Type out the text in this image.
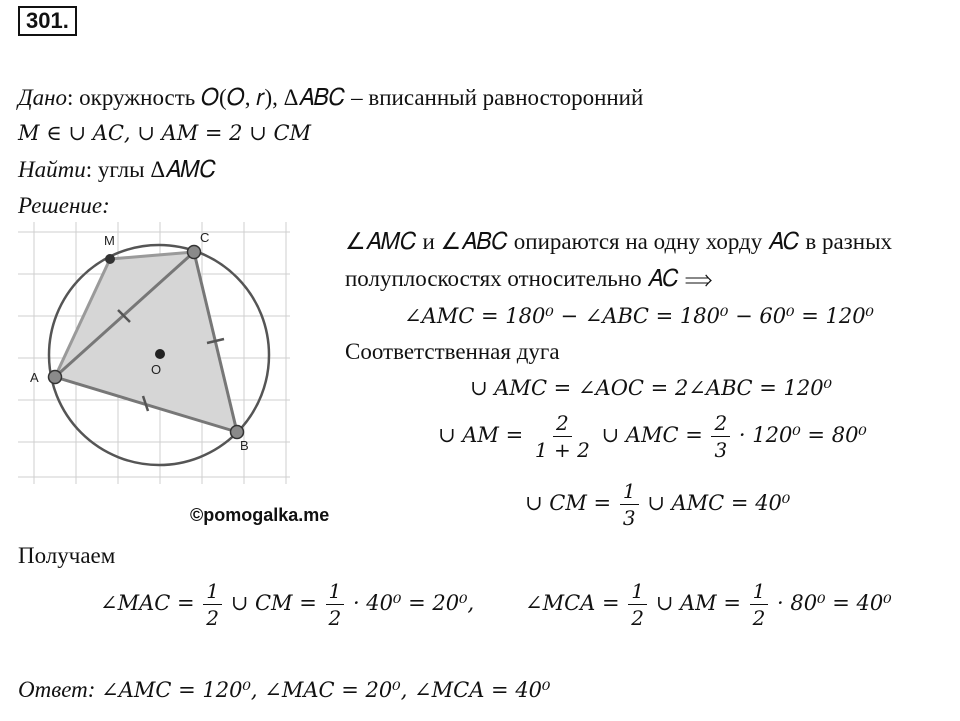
301.
Дано: окружность 𝑂(𝑂, 𝑟), Δ𝐴𝐵𝐶 – вписанный равносторонний
𝑀 ∈ ∪ 𝐴𝐶, ∪ 𝐴𝑀 = 2 ∪ 𝐶𝑀
Найти: углы Δ𝐴𝑀𝐶
Решение:
A
C
B
M
O
©pomogalka.me
∠𝐴𝑀𝐶 и ∠𝐴𝐵𝐶 опираются на одну хорду 𝐴𝐶 в разных
полуплоскостях относительно 𝐴𝐶 ⟹
∠𝐴𝑀𝐶 = 180⁰ − ∠𝐴𝐵𝐶 = 180⁰ − 60⁰ = 120⁰
Соответственная дуга
∪ 𝐴𝑀𝐶 = ∠𝐴𝑂𝐶 = 2∠𝐴𝐵𝐶 = 120⁰
∪ 𝐴𝑀 = $\frac{2}{1 + 2}$ ∪ 𝐴𝑀𝐶 = $\frac{2}{3} \cdot 120^0 = 80^0$
∪ 𝐶𝑀 = $\frac{1}{3}$ ∪ 𝐴𝑀𝐶 = 40⁰
Получаем
∠𝑀𝐴𝐶 = $\frac{1}{2}$ ∪ 𝐶𝑀 = $\frac{1}{2} \cdot 40^0 = 20^0$, ∠𝑀𝐶𝐴 = $\frac{1}{2}$ ∪ 𝐴𝑀 = $\frac{1}{2} \cdot 80^0 = 40^0$
Ответ: ∠𝐴𝑀𝐶 = 120⁰, ∠𝑀𝐴𝐶 = 20⁰, ∠𝑀𝐶𝐴 = 40⁰
